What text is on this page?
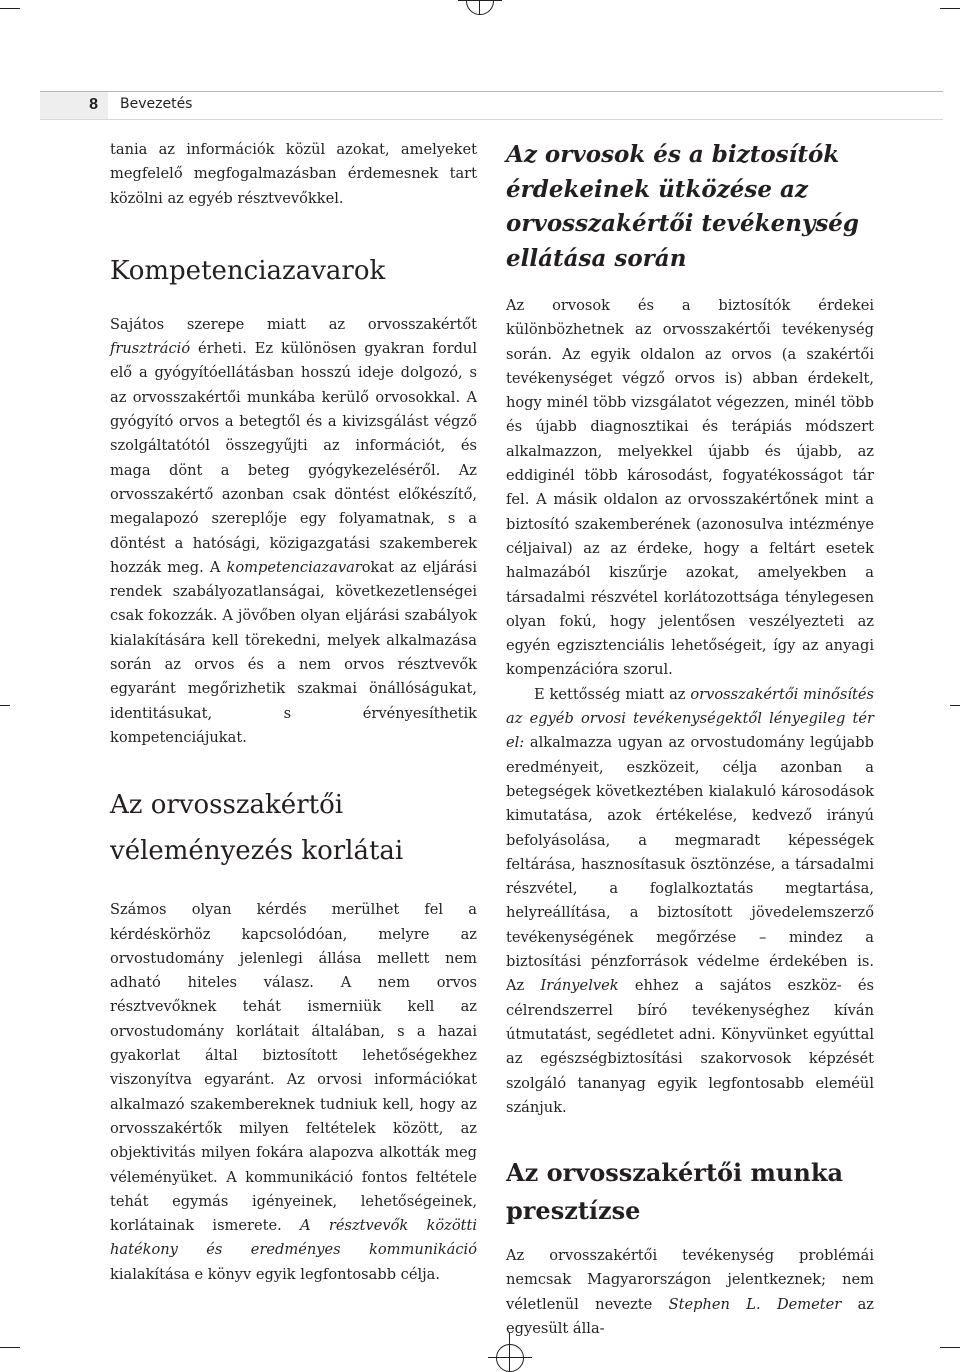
8 Bevezetés

tania az információk közül azokat, amelyeket megfelelő megfogalmazásban érdemesnek tart közölni az egyéb résztvevőkkel.

Kompetenciazavarok

Sajátos szerepe miatt az orvosszakértőt frusztráció érheti. Ez különösen gyakran fordul elő a gyógyítóellátásban hosszú ideje dolgozó, s az orvosszakértői munkába kerülő orvosokkal. A gyógyító orvos a betegtől és a kivizsgálást végző szolgáltatótól összegyűjti az információt, és maga dönt a beteg gyógykezeléséről. Az orvosszakértő azonban csak döntést előkészítő, megalapozó szereplője egy folyamatnak, s a döntést a hatósági, közigazgatási szakemberek hozzák meg. A kompetenciazavarokat az eljárási rendek szabályozatlanságai, következetlenségei csak fokozzák. A jövőben olyan eljárási szabályok kialakítására kell törekedni, melyek alkalmazása során az orvos és a nem orvos résztvevők egyaránt megőrizhetik szakmai önállóságukat, identitásukat, s érvényesíthetik kompetenciájukat.

Az orvosszakértői véleményezés korlátai

Számos olyan kérdés merülhet fel a kérdéskörhöz kapcsolódóan, melyre az orvostudomány jelenlegi állása mellett nem adható hiteles válasz. A nem orvos résztvevőknek tehát ismerniük kell az orvostudomány korlátait általában, s a hazai gyakorlat által biztosított lehetőségekhez viszonyítva egyaránt. Az orvosi információkat alkalmazó szakembereknek tudniuk kell, hogy az orvosszakértők milyen feltételek között, az objektivitás milyen fokára alapozva alkották meg véleményüket. A kommunikáció fontos feltétele tehát egymás igényeinek, lehetőségeinek, korlátainak ismerete. A résztvevők közötti hatékony és eredményes kommunikáció kialakítása e könyv egyik legfontosabb célja.

Az orvosok és a biztosítók érdekeinek ütközése az orvosszakértői tevékenység ellátása során

Az orvosok és a biztosítók érdekei különbözhetnek az orvosszakértői tevékenység során. Az egyik oldalon az orvos (a szakértői tevékenységet végző orvos is) abban érdekelt, hogy minél több vizsgálatot végezzen, minél több és újabb diagnosztikai és terápiás módszert alkalmazzon, melyekkel újabb és újabb, az eddiginél több károsodást, fogyatékosságot tár fel. A másik oldalon az orvosszakértőnek mint a biztosító szakemberének (azonosulva intézménye céljaival) az az érdeke, hogy a feltárt esetek halmazából kiszűrje azokat, amelyekben a társadalmi részvétel korlátozottsága ténylegesen olyan fokú, hogy jelentősen veszélyezteti az egyén egzisztenciális lehetőségeit, így az anyagi kompenzációra szorul.

E kettősség miatt az orvosszakértői minősítés az egyéb orvosi tevékenységektől lényegileg tér el: alkalmazza ugyan az orvostudomány legújabb eredményeit, eszközeit, célja azonban a betegségek következtében kialakuló károsodások kimutatása, azok értékelése, kedvező irányú befolyásolása, a megmaradt képességek feltárása, hasznosítasuk ösztönzése, a társadalmi részvétel, a foglalkoztatás megtartása, helyreállítása, a biztosított jövedelemszerző tevékenységének megőrzése – mindez a biztosítási pénzforrások védelme érdekében is. Az Irányelvek ehhez a sajátos eszköz- és célrendszerrel bíró tevékenységhez kíván útmutatást, segédletet adni. Könyvünket egyúttal az egészségbiztosítási szakorvosok képzését szolgáló tananyag egyik legfontosabb eleméül szánjuk.

Az orvosszakértői munka presztízse

Az orvosszakértői tevékenység problémái nemcsak Magyarországon jelentkeznek; nem véletlenül nevezte Stephen L. Demeter az egyesült álla-
